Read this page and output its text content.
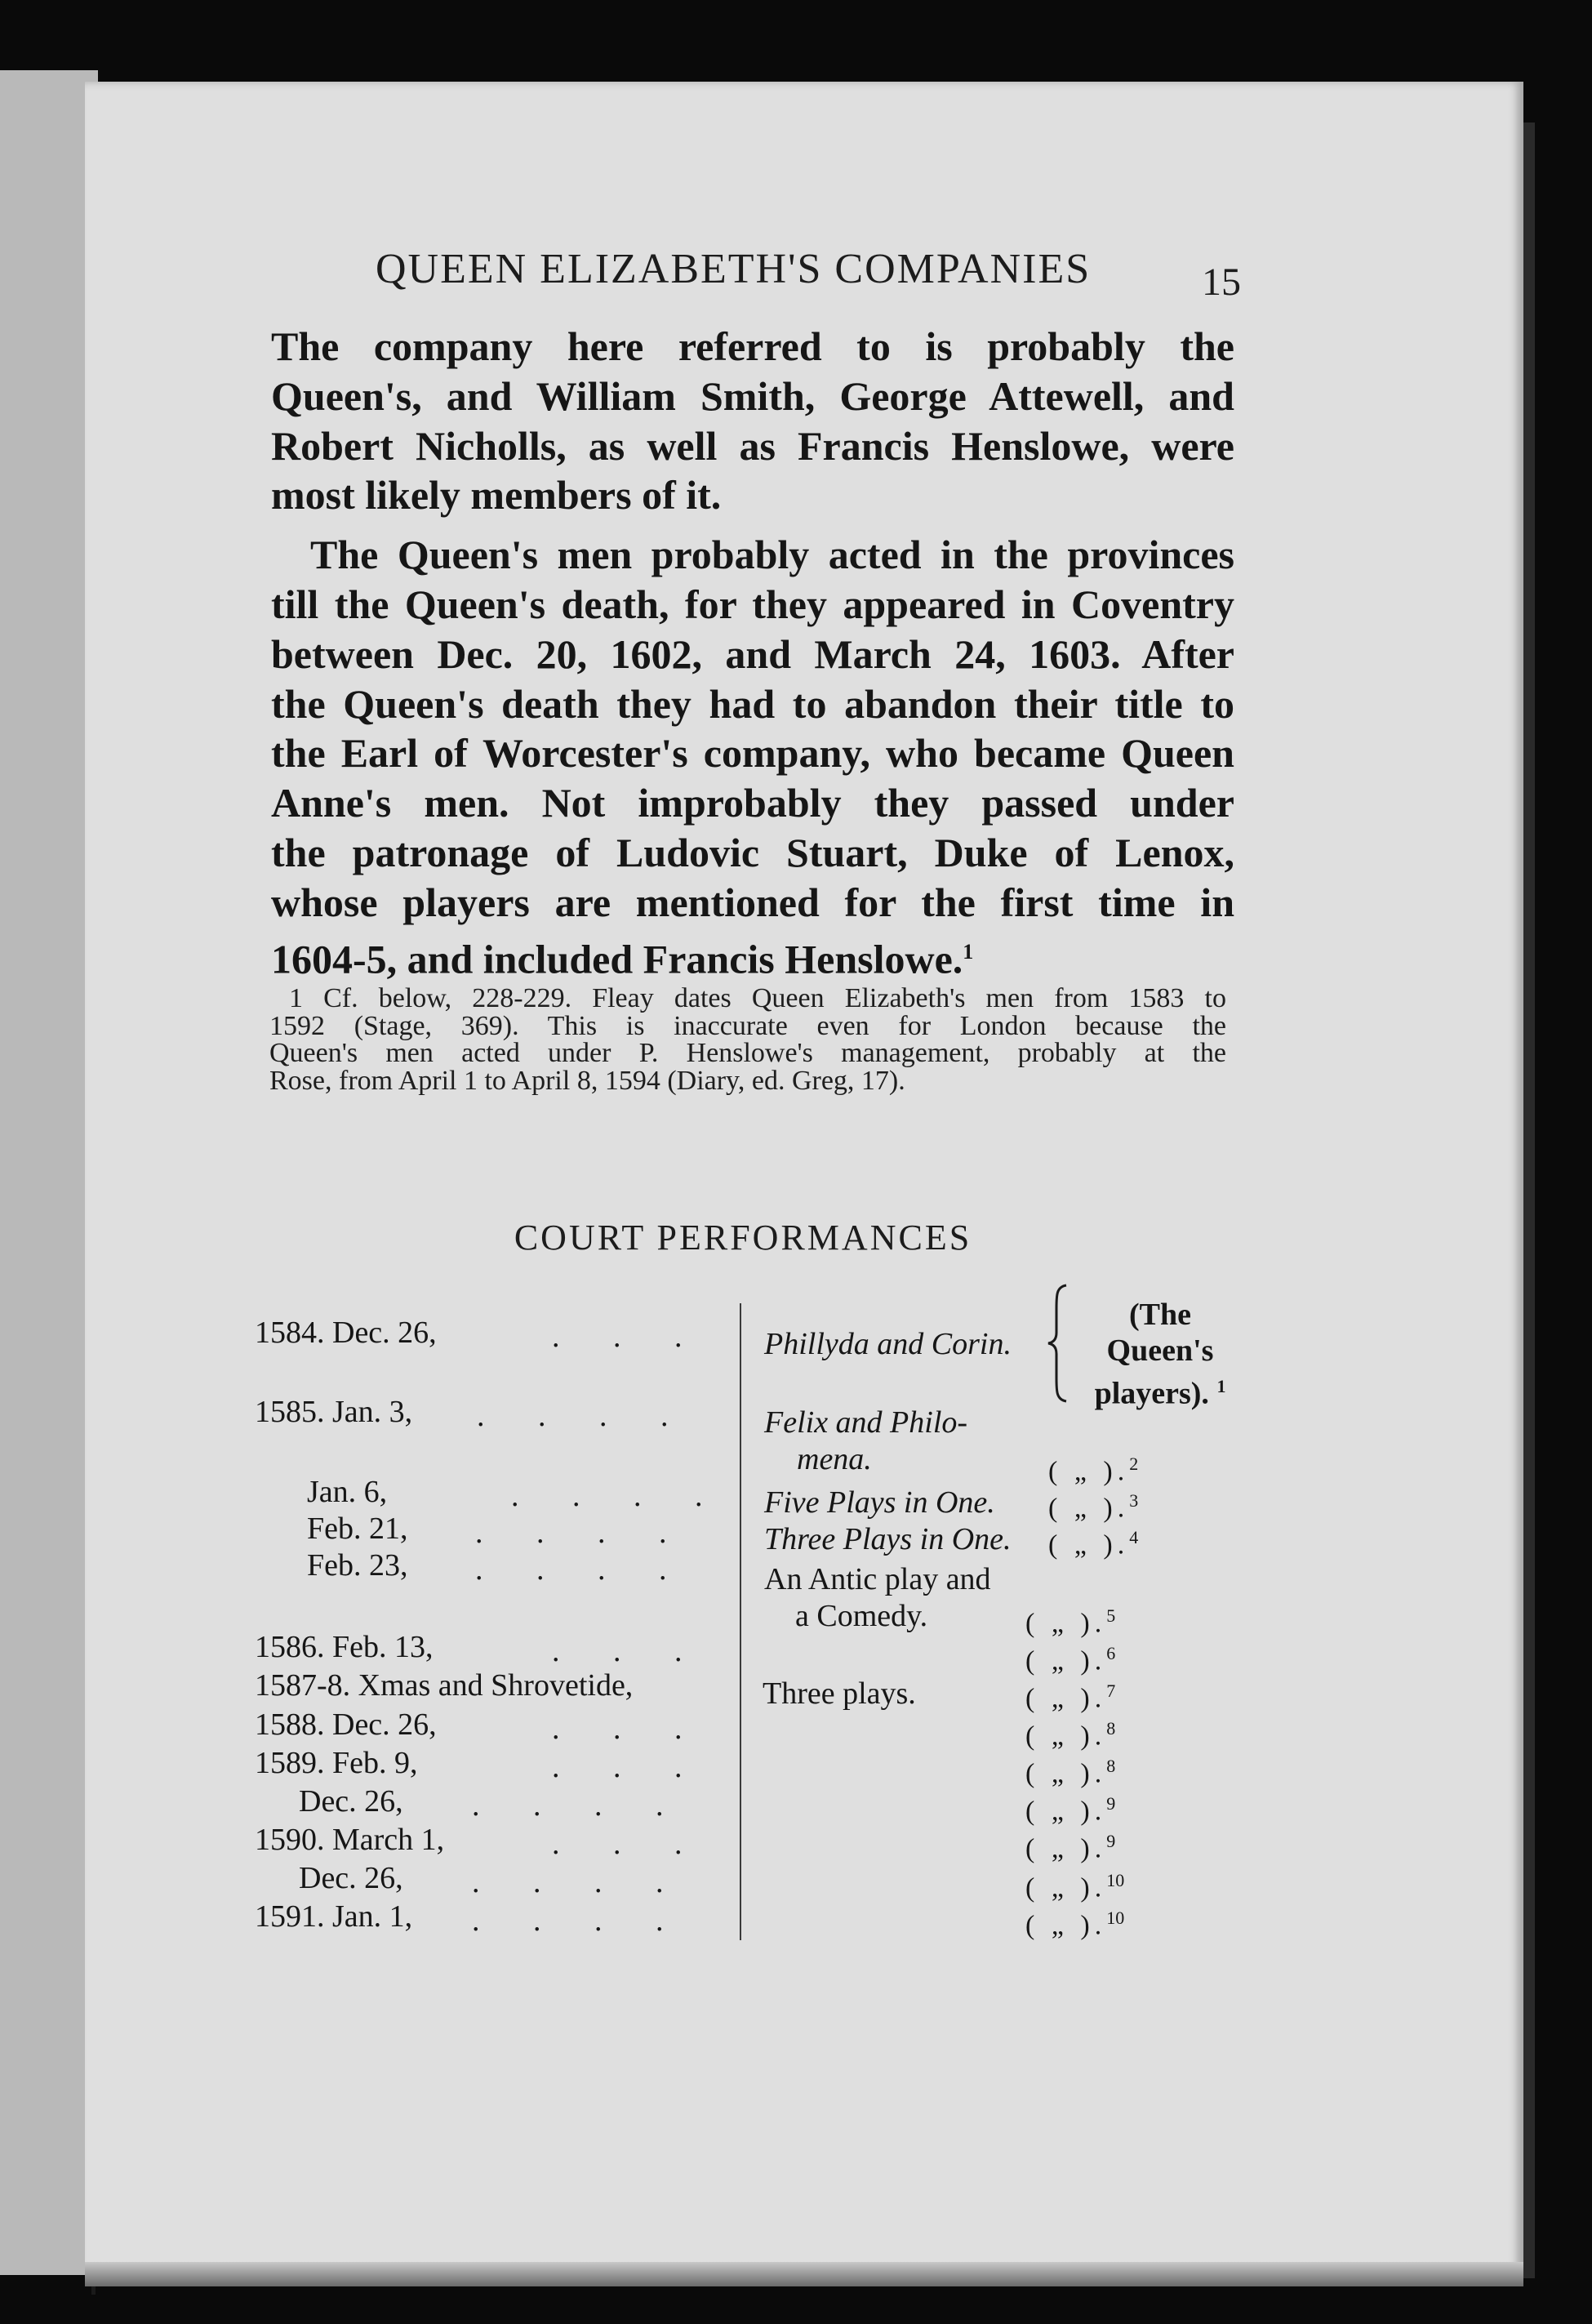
QUEEN ELIZABETH'S COMPANIES	15
The company here referred to is probably the
Queen's, and William Smith, George Attewell, and
Robert Nicholls, as well as Francis Henslowe, were
most likely members of it.
The Queen's men probably acted in the provinces
till the Queen's death, for they appeared in Coventry
between Dec. 20, 1602, and March 24, 1603. After
the Queen's death they had to abandon their title to
the Earl of Worcester's company, who became Queen
Anne's men. Not improbably they passed under
the patronage of Ludovic Stuart, Duke of Lenox,
whose players are mentioned for the first time in
1604-5, and included Francis Henslowe.$^1$
1 Cf. below, 228-229. Fleay dates Queen Elizabeth's men from 1583 to
1592 (Stage, 369). This is inaccurate even for London because the
Queen's men acted under P. Henslowe's management, probably at the
Rose, from April 1 to April 8, 1594 (Diary, ed. Greg, 17).
COURT PERFORMANCES
1584. Dec. 26,
1585. Jan. 3,
Jan. 6,
Feb. 21,
Feb. 23,
1586. Feb. 13,
1587-8. Xmas and Shrovetide,
1588. Dec. 26,
1589. Feb. 9,
Dec. 26,
1590. March 1,
Dec. 26,
1591. Jan. 1,
. . .
. . . .
. . . .
. . . .
. . . .
. . .
. . .
. . .
. . . .
. . .
. . . .
. . . .
Phillyda and Corin.
Felix and Philo-
mena.
Five Plays in One.
Three Plays in One.
An Antic play and
a Comedy.
Three plays.
(The
Queen's
players). $^1$
( „ ).$^2$
( „ ).$^3$
( „ ).$^4$
( „ ).$^5$
( „ ).$^6$
( „ ).$^7$
( „ ).$^8$
( „ ).$^8$
( „ ).$^9$
( „ ).$^9$
( „ ).$^{10}$
( „ ).$^{10}$
